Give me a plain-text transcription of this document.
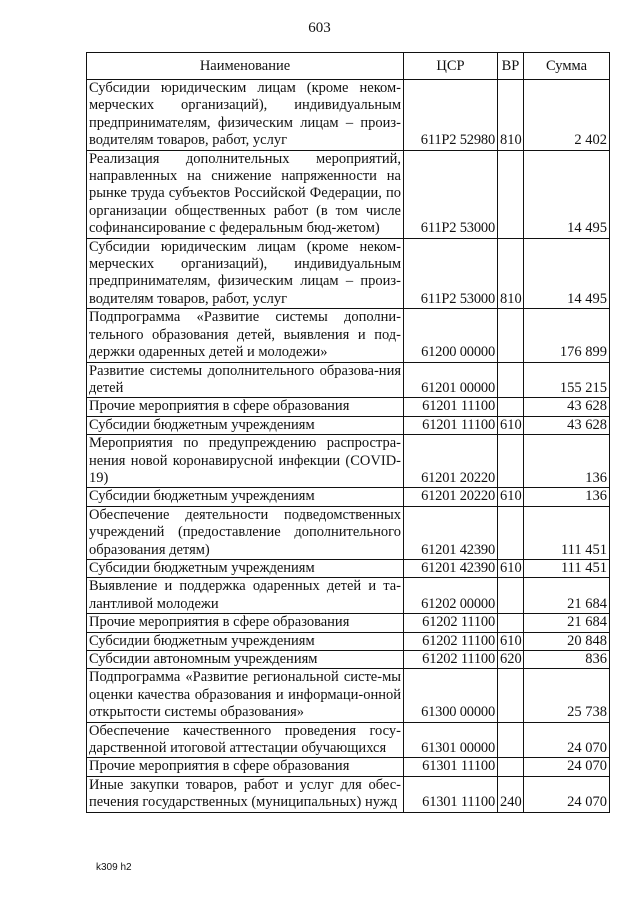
603
Наименование	ЦСР	ВР	Сумма
Субсидии юридическим лицам (кроме неком-мерческих организаций), индивидуальным предпринимателям, физическим лицам – произ-водителям товаров, работ, услуг	611P2 52980	810	2 402
Реализация дополнительных мероприятий, направленных на снижение напряженности на рынке труда субъектов Российской Федерации, по организации общественных работ (в том числе софинансирование с федеральным бюд-жетом)	611P2 53000		14 495
Субсидии юридическим лицам (кроме неком-мерческих организаций), индивидуальным предпринимателям, физическим лицам – произ-водителям товаров, работ, услуг	611P2 53000	810	14 495
Подпрограмма «Развитие системы дополни-тельного образования детей, выявления и под-держки одаренных детей и молодежи»	61200 00000		176 899
Развитие системы дополнительного образова-ния детей	61201 00000		155 215
Прочие мероприятия в сфере образования	61201 11100		43 628
Субсидии бюджетным учреждениям	61201 11100	610	43 628
Мероприятия по предупреждению распростра-нения новой коронавирусной инфекции (COVID-19)	61201 20220		136
Субсидии бюджетным учреждениям	61201 20220	610	136
Обеспечение деятельности подведомственных учреждений (предоставление дополнительного образования детям)	61201 42390		111 451
Субсидии бюджетным учреждениям	61201 42390	610	111 451
Выявление и поддержка одаренных детей и та-лантливой молодежи	61202 00000		21 684
Прочие мероприятия в сфере образования	61202 11100		21 684
Субсидии бюджетным учреждениям	61202 11100	610	20 848
Субсидии автономным учреждениям	61202 11100	620	836
Подпрограмма «Развитие региональной систе-мы оценки качества образования и информаци-онной открытости системы образования»	61300 00000		25 738
Обеспечение качественного проведения госу-дарственной итоговой аттестации обучающихся	61301 00000		24 070
Прочие мероприятия в сфере образования	61301 11100		24 070
Иные закупки товаров, работ и услуг для обес-печения государственных (муниципальных) нужд	61301 11100	240	24 070
k309 h2
